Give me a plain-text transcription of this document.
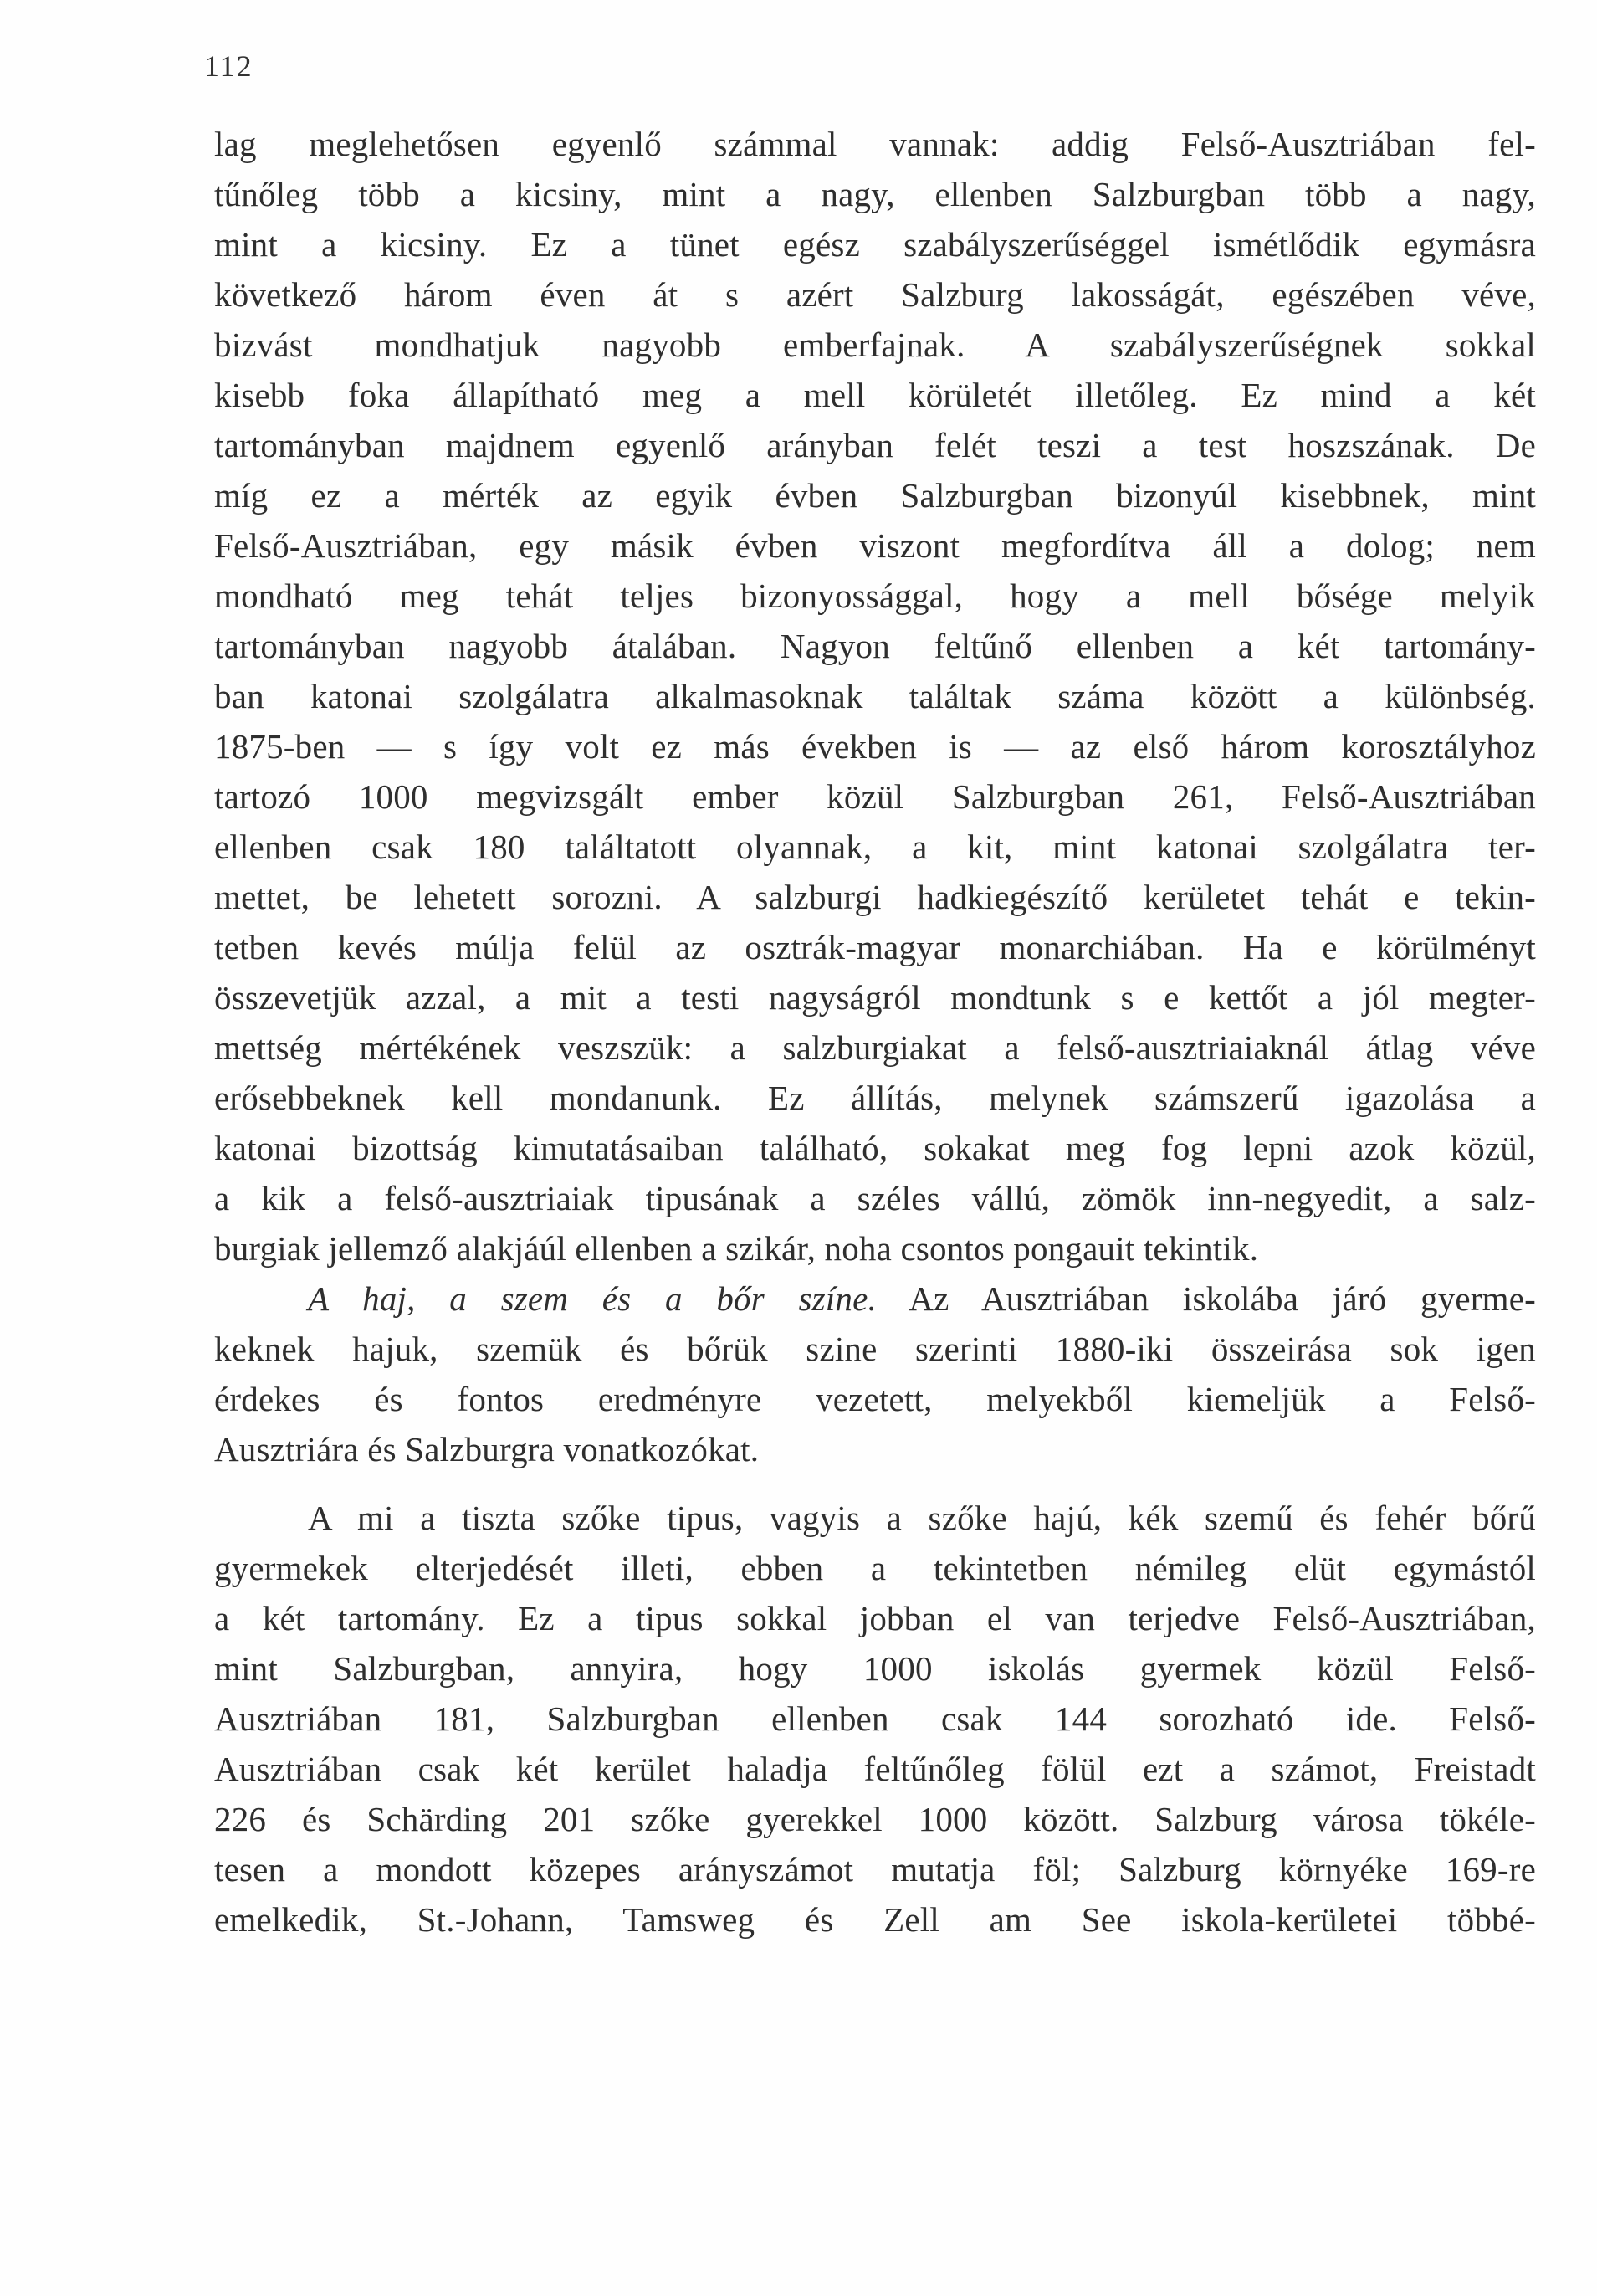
112
lag meglehetősen egyenlő számmal vannak: addig Felső-Ausztriában fel-
tűnőleg több a kicsiny, mint a nagy, ellenben Salzburgban több a nagy,
mint a kicsiny. Ez a tünet egész szabályszerűséggel ismétlődik egymásra
következő három éven át s azért Salzburg lakosságát, egészében véve,
bizvást mondhatjuk nagyobb emberfajnak. A szabályszerűségnek sokkal
kisebb foka állapítható meg a mell körületét illetőleg. Ez mind a két
tartományban majdnem egyenlő arányban felét teszi a test hoszszának. De
míg ez a mérték az egyik évben Salzburgban bizonyúl kisebbnek, mint
Felső-Ausztriában, egy másik évben viszont megfordítva áll a dolog; nem
mondható meg tehát teljes bizonyossággal, hogy a mell bősége melyik
tartományban nagyobb átalában. Nagyon feltűnő ellenben a két tartomány-
ban katonai szolgálatra alkalmasoknak találtak száma között a különbség.
1875-ben — s így volt ez más években is — az első három korosztályhoz
tartozó 1000 megvizsgált ember közül Salzburgban 261, Felső-Ausztriában
ellenben csak 180 találtatott olyannak, a kit, mint katonai szolgálatra ter-
mettet, be lehetett sorozni. A salzburgi hadkiegészítő kerületet tehát e tekin-
tetben kevés múlja felül az osztrák-magyar monarchiában. Ha e körülményt
összevetjük azzal, a mit a testi nagyságról mondtunk s e kettőt a jól megter-
mettség mértékének veszszük: a salzburgiakat a felső-ausztriaiaknál átlag véve
erősebbeknek kell mondanunk. Ez állítás, melynek számszerű igazolása a
katonai bizottság kimutatásaiban található, sokakat meg fog lepni azok közül,
a kik a felső-ausztriaiak tipusának a széles vállú, zömök inn-negyedit, a salz-
burgiak jellemző alakjáúl ellenben a szikár, noha csontos pongauit tekintik.
A haj, a szem és a bőr színe. Az Ausztriában iskolába járó gyerme-
keknek hajuk, szemük és bőrük szine szerinti 1880-iki összeirása sok igen
érdekes és fontos eredményre vezetett, melyekből kiemeljük a Felső-
Ausztriára és Salzburgra vonatkozókat.
A mi a tiszta szőke tipus, vagyis a szőke hajú, kék szemű és fehér bőrű
gyermekek elterjedését illeti, ebben a tekintetben némileg elüt egymástól
a két tartomány. Ez a tipus sokkal jobban el van terjedve Felső-Ausztriában,
mint Salzburgban, annyira, hogy 1000 iskolás gyermek közül Felső-
Ausztriában 181, Salzburgban ellenben csak 144 sorozható ide. Felső-
Ausztriában csak két kerület haladja feltűnőleg fölül ezt a számot, Freistadt
226 és Schärding 201 szőke gyerekkel 1000 között. Salzburg városa tökéle-
tesen a mondott közepes arányszámot mutatja föl; Salzburg környéke 169-re
emelkedik, St.-Johann, Tamsweg és Zell am See iskola-kerületei többé-
